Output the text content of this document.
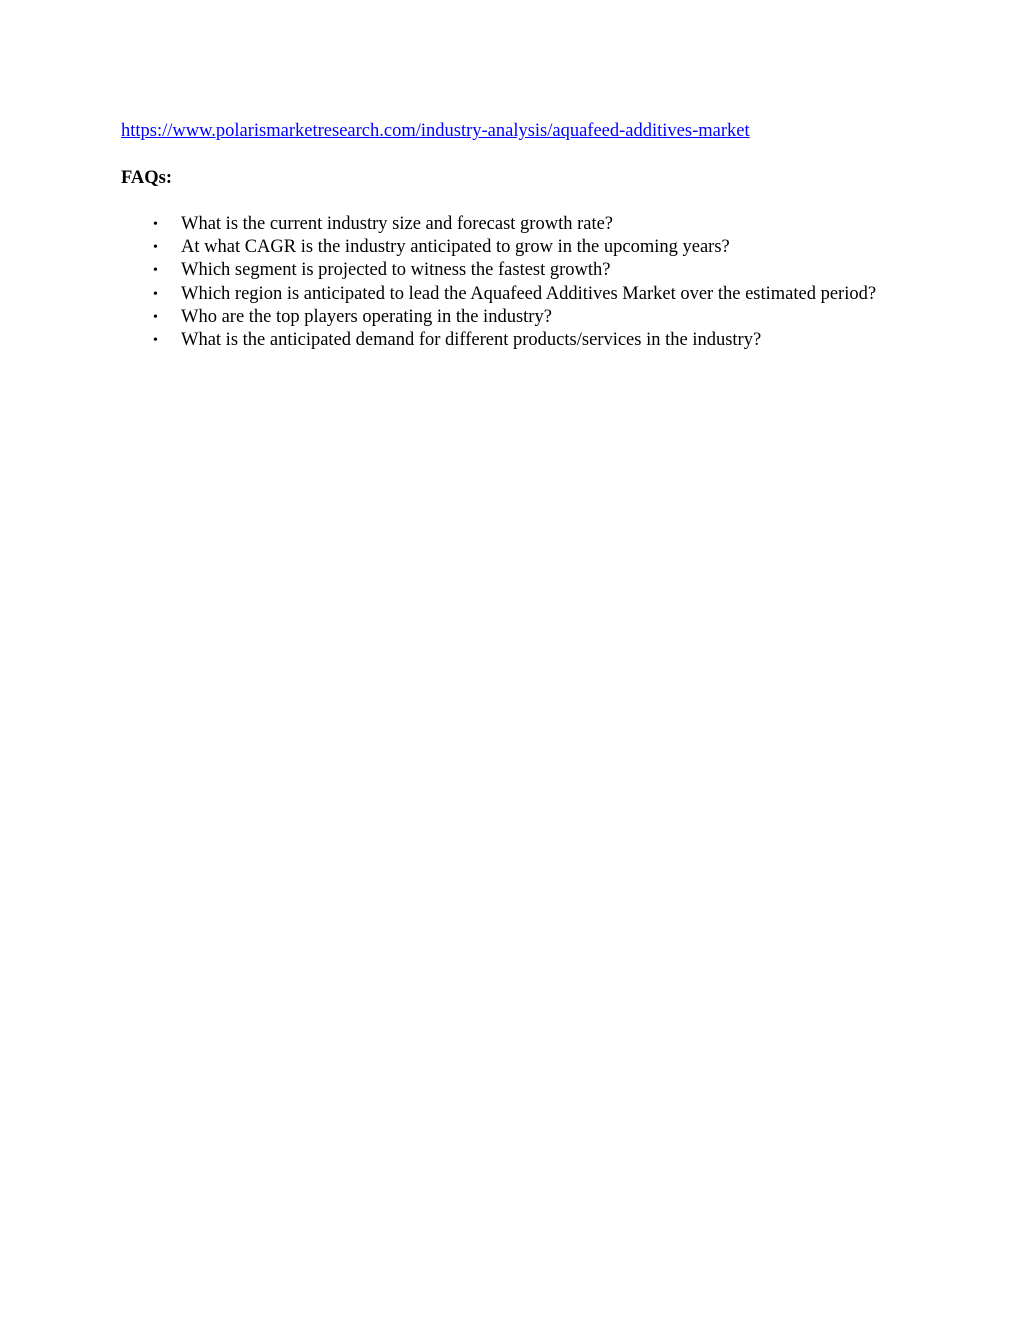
https://www.polarismarketresearch.com/industry-analysis/aquafeed-additives-market

FAQs:

• What is the current industry size and forecast growth rate?
• At what CAGR is the industry anticipated to grow in the upcoming years?
• Which segment is projected to witness the fastest growth?
• Which region is anticipated to lead the Aquafeed Additives Market over the estimated period?
• Who are the top players operating in the industry?
• What is the anticipated demand for different products/services in the industry?
